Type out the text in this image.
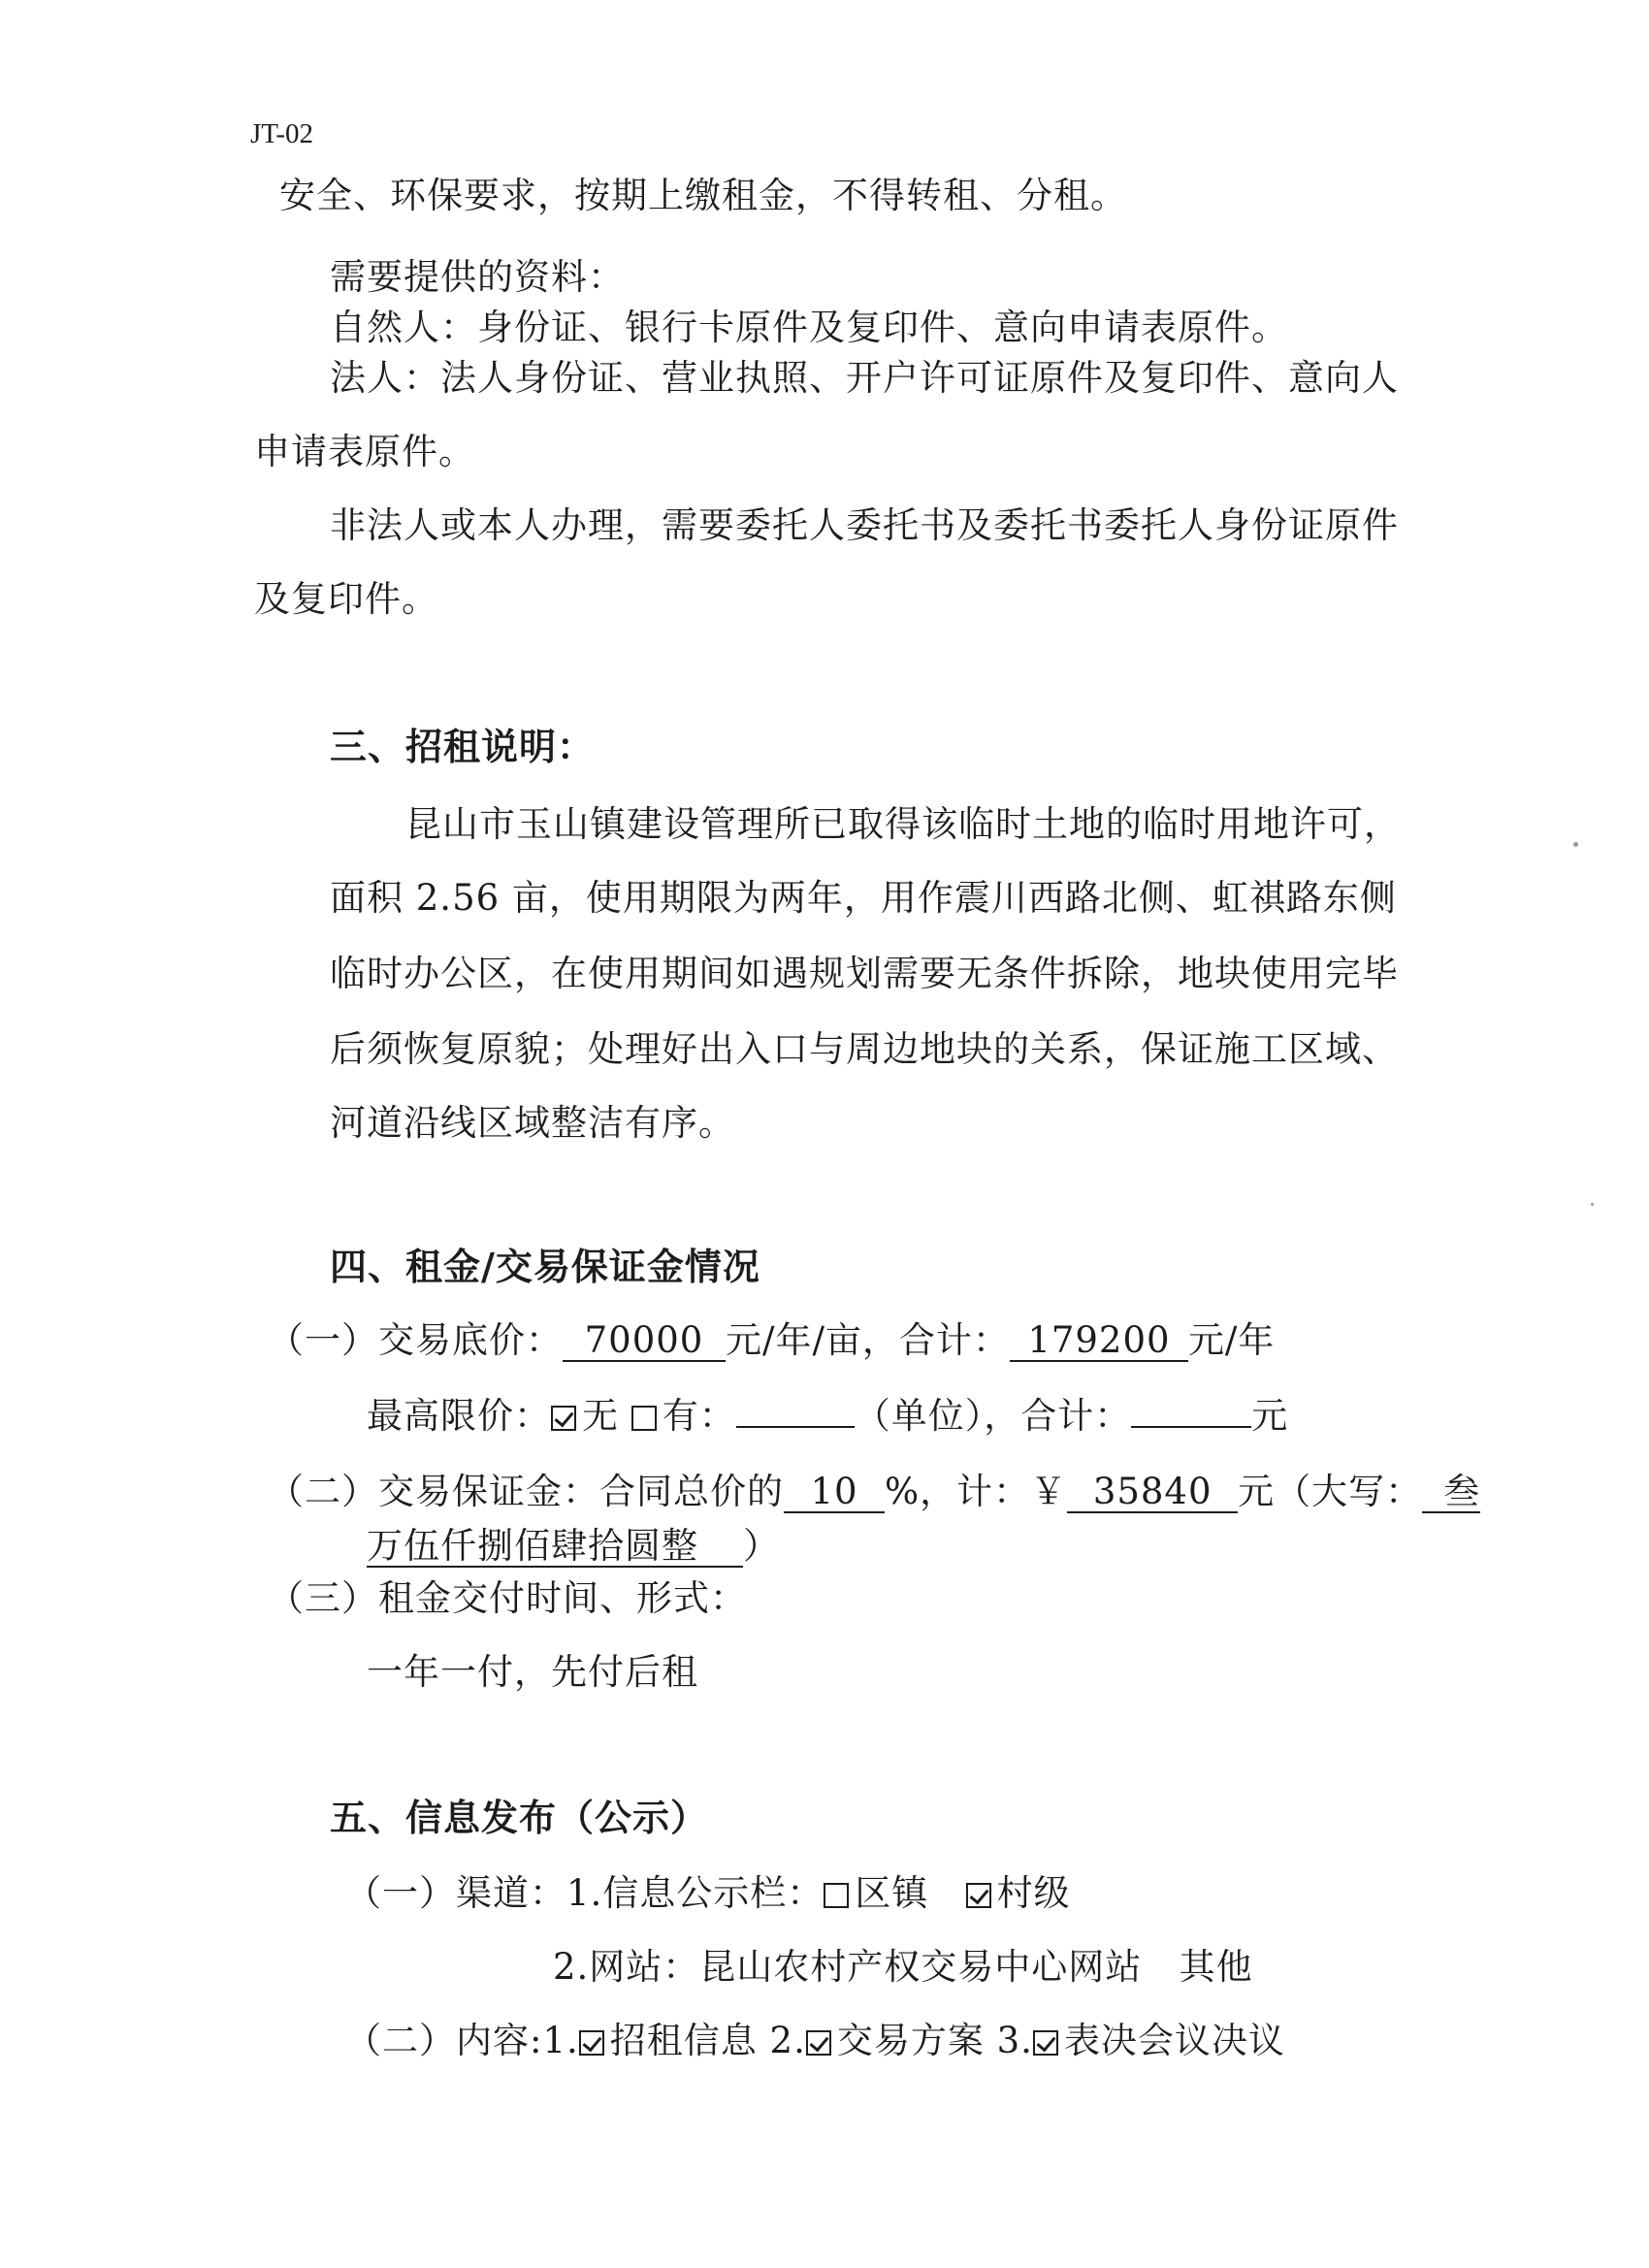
JT-02
安全、环保要求，按期上缴租金，不得转租、分租。
需要提供的资料：
自然人：身份证、银行卡原件及复印件、意向申请表原件。
法人：法人身份证、营业执照、开户许可证原件及复印件、意向人
申请表原件。
非法人或本人办理，需要委托人委托书及委托书委托人身份证原件
及复印件。
三、招租说明：
昆山市玉山镇建设管理所已取得该临时土地的临时用地许可，
面积 2.56 亩，使用期限为两年，用作震川西路北侧、虹祺路东侧
临时办公区，在使用期间如遇规划需要无条件拆除，地块使用完毕
后须恢复原貌；处理好出入口与周边地块的关系，保证施工区域、
河道沿线区域整洁有序。
四、租金/交易保证金情况
（一）交易底价： 70000 元/年/亩，合计： 179200 元/年
最高限价： 无 有：	（单位），合计：	元
（二）交易保证金：合同总价的 10 %，计：￥ 35840 元（大写： 叁
万伍仟捌佰肆拾圆整 ）
（三）租金交付时间、形式：
一年一付，先付后租
五、信息发布（公示）
（一）渠道：1.信息公示栏： 区镇 村级
2.网站：昆山农村产权交易中心网站 其他
（二）内容:1. 招租信息 2. 交易方案 3. 表决会议决议
